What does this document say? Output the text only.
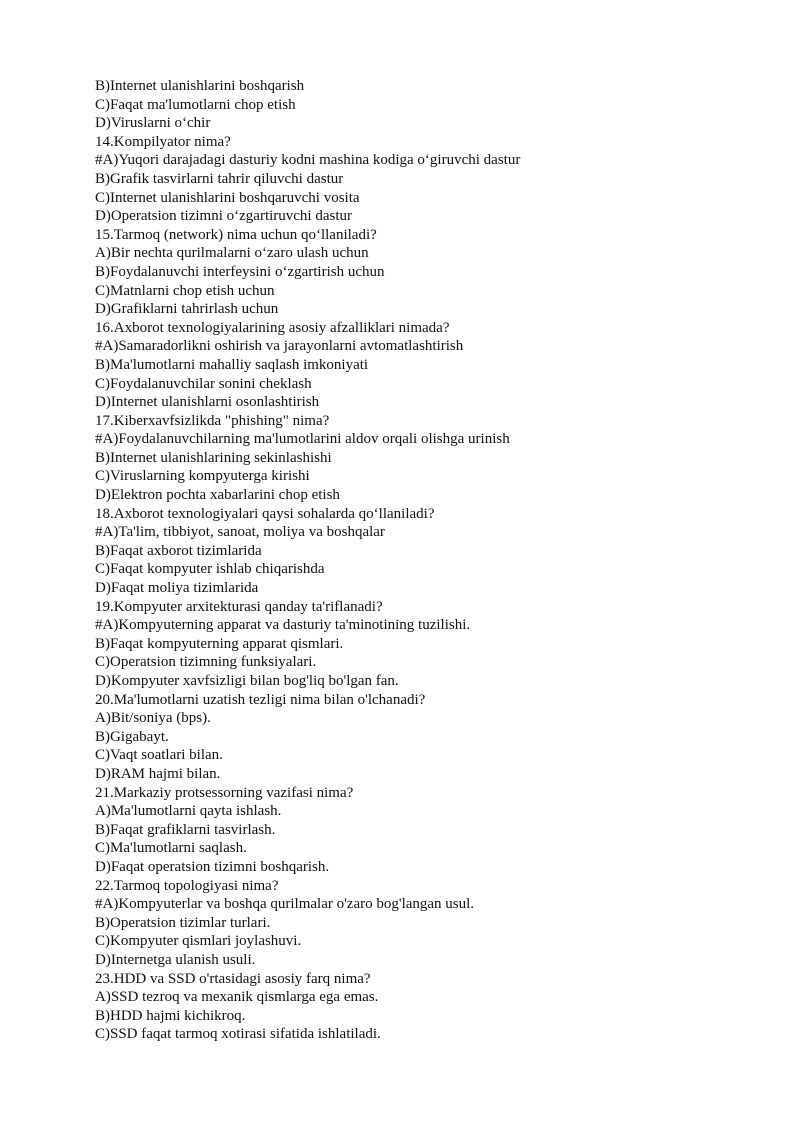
B)Internet ulanishlarini boshqarish

C)Faqat ma'lumotlarni chop etish

D)Viruslarni o‘chir

14.Kompilyator nima?

#A)Yuqori darajadagi dasturiy kodni mashina kodiga o‘giruvchi dastur

B)Grafik tasvirlarni tahrir qiluvchi dastur

C)Internet ulanishlarini boshqaruvchi vosita

D)Operatsion tizimni o‘zgartiruvchi dastur

15.Tarmoq (network) nima uchun qo‘llaniladi?

A)Bir nechta qurilmalarni o‘zaro ulash uchun

B)Foydalanuvchi interfeysini o‘zgartirish uchun

C)Matnlarni chop etish uchun

D)Grafiklarni tahrirlash uchun

16.Axborot texnologiyalarining asosiy afzalliklari nimada?

#A)Samaradorlikni oshirish va jarayonlarni avtomatlashtirish

B)Ma'lumotlarni mahalliy saqlash imkoniyati

C)Foydalanuvchilar sonini cheklash

D)Internet ulanishlarni osonlashtirish

17.Kiberxavfsizlikda "phishing" nima?

#A)Foydalanuvchilarning ma'lumotlarini aldov orqali olishga urinish

B)Internet ulanishlarining sekinlashishi

C)Viruslarning kompyuterga kirishi

D)Elektron pochta xabarlarini chop etish

18.Axborot texnologiyalari qaysi sohalarda qo‘llaniladi?

#A)Ta'lim, tibbiyot, sanoat, moliya va boshqalar

B)Faqat axborot tizimlarida

C)Faqat kompyuter ishlab chiqarishda

D)Faqat moliya tizimlarida

19.Kompyuter arxitekturasi qanday ta'riflanadi?

#A)Kompyuterning apparat va dasturiy ta'minotining tuzilishi.

B)Faqat kompyuterning apparat qismlari.

C)Operatsion tizimning funksiyalari.

D)Kompyuter xavfsizligi bilan bog'liq bo'lgan fan.

20.Ma'lumotlarni uzatish tezligi nima bilan o'lchanadi?

A)Bit/soniya (bps).

B)Gigabayt.

C)Vaqt soatlari bilan.

D)RAM hajmi bilan.

21.Markaziy protsessorning vazifasi nima?

A)Ma'lumotlarni qayta ishlash.

B)Faqat grafiklarni tasvirlash.

C)Ma'lumotlarni saqlash.

D)Faqat operatsion tizimni boshqarish.

22.Tarmoq topologiyasi nima?

#A)Kompyuterlar va boshqa qurilmalar o'zaro bog'langan usul.

B)Operatsion tizimlar turlari.

C)Kompyuter qismlari joylashuvi.

D)Internetga ulanish usuli.

23.HDD va SSD o'rtasidagi asosiy farq nima?

A)SSD tezroq va mexanik qismlarga ega emas.

B)HDD hajmi kichikroq.

C)SSD faqat tarmoq xotirasi sifatida ishlatiladi.
